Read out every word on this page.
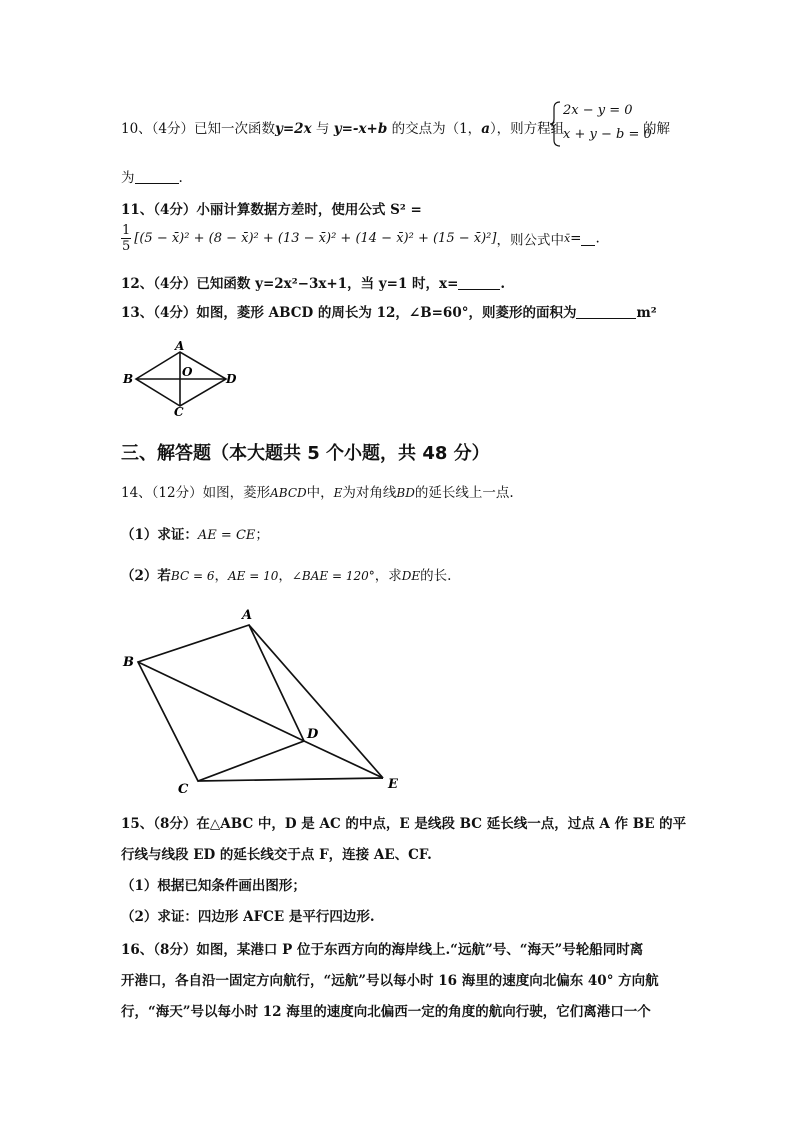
10、（4分）已知一次函数y=2x 与 y=-x+b 的交点为（1，a），则方程组
2x − y = 0
x + y − b = 0
的解
为	.
11、（4分）小丽计算数据方差时，使用公式 S² =
$\frac{1}{5} [(5$ − x̄)² + (8 − x̄)² + (13 − x̄)² + (14 − x̄)² + (15 − x̄)²]，则公式中x̄= .
12、（4分）已知函数 y=2x²−3x+1，当 y=1 时，x=	.
13、（4分）如图，菱形 ABCD 的周长为 12，∠B=60°，则菱形的面积为	m²
A
B
C
D
O
三、解答题（本大题共 5 个小题，共 48 分）
14、（12分）如图，菱形ABCD中，E为对角线BD的延长线上一点.
（1）求证：AE = CE；
（2）若BC = 6，AE = 10，∠BAE = 120°，求DE的长.
A
B
C
D
E
15、（8分）在△ABC 中，D 是 AC 的中点，E 是线段 BC 延长线一点，过点 A 作 BE 的平
行线与线段 ED 的延长线交于点 F，连接 AE、CF.
（1）根据已知条件画出图形；
（2）求证：四边形 AFCE 是平行四边形.
16、（8分）如图，某港口 P 位于东西方向的海岸线上.“远航”号、“海天”号轮船同时离
开港口，各自沿一固定方向航行，“远航”号以每小时 16 海里的速度向北偏东 40° 方向航
行，“海天”号以每小时 12 海里的速度向北偏西一定的角度的航向行驶，它们离港口一个
